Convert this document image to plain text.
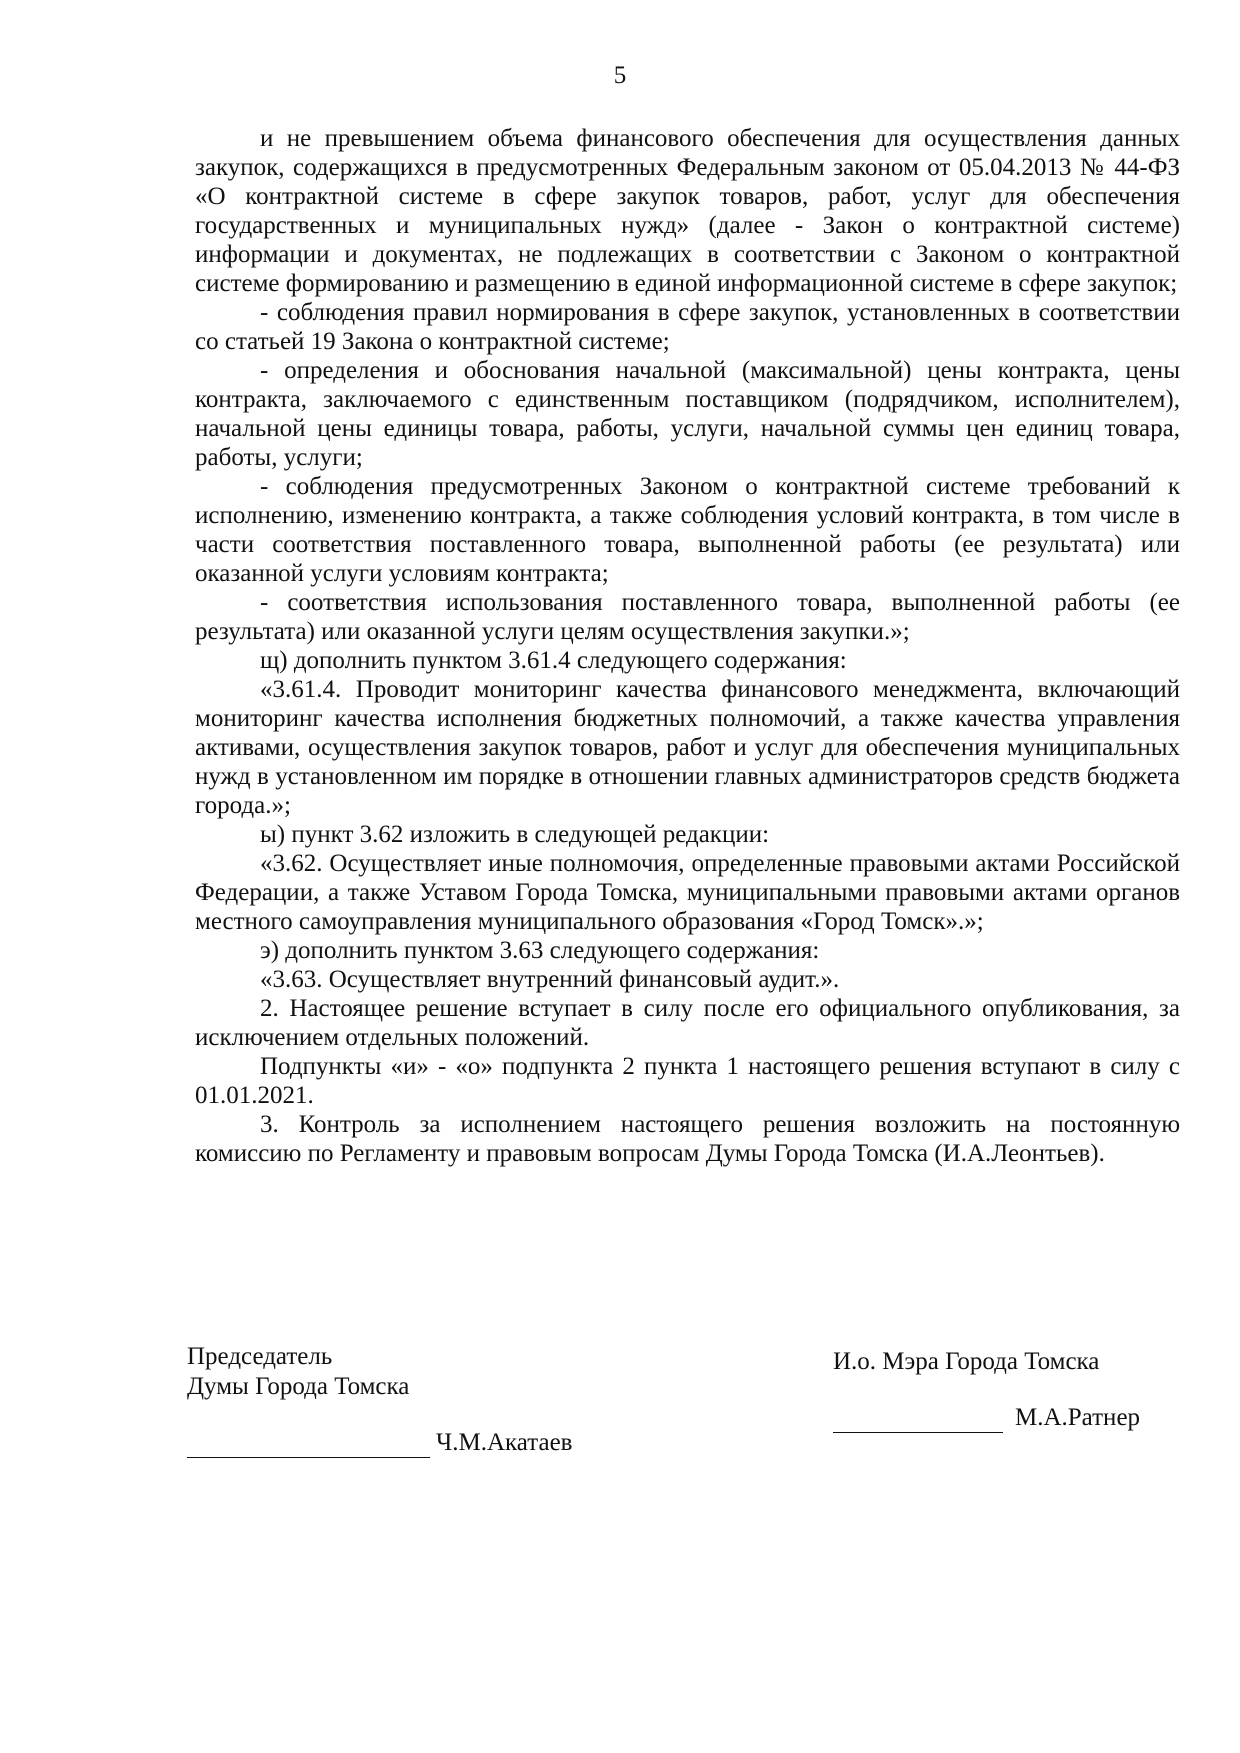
5

и не превышением объема финансового обеспечения для осуществления данных закупок, содержащихся в предусмотренных Федеральным законом от 05.04.2013 № 44-ФЗ «О контрактной системе в сфере закупок товаров, работ, услуг для обеспечения государственных и муниципальных нужд» (далее - Закон о контрактной системе) информации и документах, не подлежащих в соответствии с Законом о контрактной системе формированию и размещению в единой информационной системе в сфере закупок;

- соблюдения правил нормирования в сфере закупок, установленных в соответствии со статьей 19 Закона о контрактной системе;

- определения и обоснования начальной (максимальной) цены контракта, цены контракта, заключаемого с единственным поставщиком (подрядчиком, исполнителем), начальной цены единицы товара, работы, услуги, начальной суммы цен единиц товара, работы, услуги;

- соблюдения предусмотренных Законом о контрактной системе требований к исполнению, изменению контракта, а также соблюдения условий контракта, в том числе в части соответствия поставленного товара, выполненной работы (ее результата) или оказанной услуги условиям контракта;

- соответствия использования поставленного товара, выполненной работы (ее результата) или оказанной услуги целям осуществления закупки.»;

щ) дополнить пунктом 3.61.4 следующего содержания:

«3.61.4. Проводит мониторинг качества финансового менеджмента, включающий мониторинг качества исполнения бюджетных полномочий, а также качества управления активами, осуществления закупок товаров, работ и услуг для обеспечения муниципальных нужд в установленном им порядке в отношении главных администраторов средств бюджета города.»;

ы) пункт 3.62 изложить в следующей редакции:

«3.62. Осуществляет иные полномочия, определенные правовыми актами Российской Федерации, а также Уставом Города Томска, муниципальными правовыми актами органов местного самоуправления муниципального образования «Город Томск».»;

э) дополнить пунктом 3.63 следующего содержания:

«3.63. Осуществляет внутренний финансовый аудит.».

2. Настоящее решение вступает в силу после его официального опубликования, за исключением отдельных положений.

Подпункты «и» - «о» подпункта 2 пункта 1 настоящего решения вступают в силу с 01.01.2021.

3. Контроль за исполнением настоящего решения возложить на постоянную комиссию по Регламенту и правовым вопросам Думы Города Томска (И.А.Леонтьев).

Председатель
Думы Города Томска
Ч.М.Акатаев
И.о. Мэра Города Томска
М.А.Ратнер
